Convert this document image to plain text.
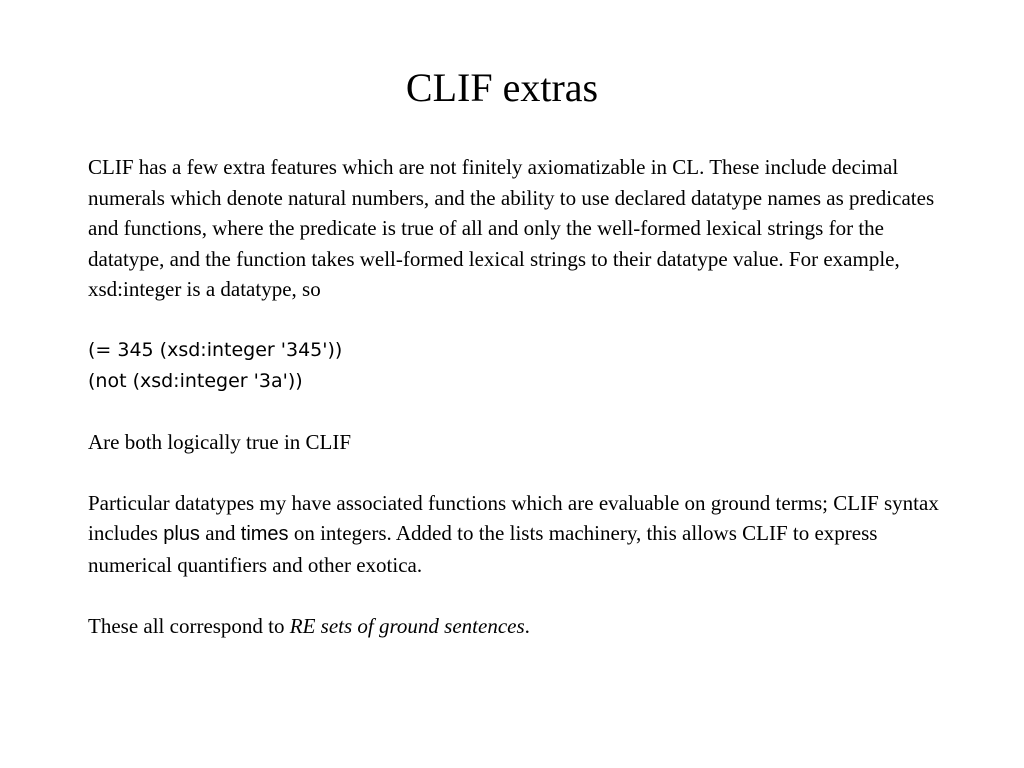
CLIF extras

CLIF has a few extra features which are not finitely axiomatizable in CL. These include decimal numerals which denote natural numbers, and the ability to use declared datatype names as predicates and functions, where the predicate is true of all and only the well-formed lexical strings for the datatype, and the function takes well-formed lexical strings to their datatype value. For example, xsd:integer is a datatype, so

(= 345 (xsd:integer '345'))

(not (xsd:integer '3a'))

Are both logically true in CLIF

Particular datatypes my have associated functions which are evaluable on ground terms; CLIF syntax includes plus and times on integers. Added to the lists machinery, this allows CLIF to express numerical quantifiers and other exotica.

These all correspond to RE sets of ground sentences.
